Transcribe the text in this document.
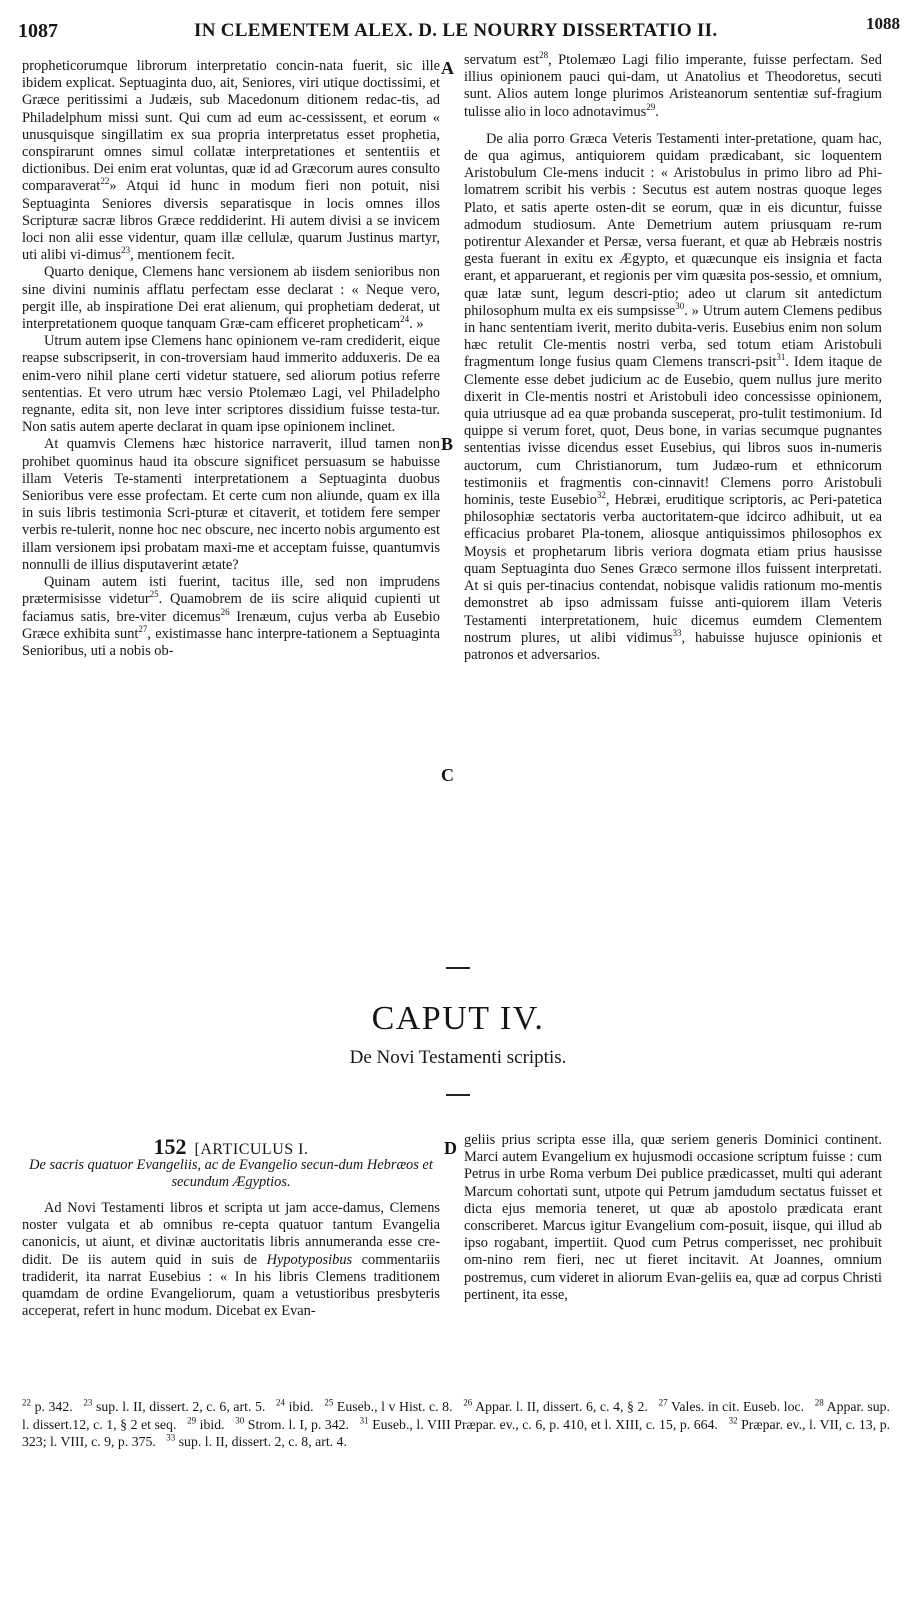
1087	IN CLEMENTEM ALEX. D. LE NOURRY DISSERTATIO II.	1088
A
B
C
D

propheticorumque librorum interpretatio concin-nata fuerit, sic ille ibidem explicat. Septuaginta duo, ait, Seniores, viri utique doctissimi, et Græce peritissimi a Judæis, sub Macedonum ditionem redac-tis, ad Philadelphum missi sunt. Qui cum ad eum ac-cessissent, et eorum « unusquisque singillatim ex sua propria interpretatus esset prophetia, conspirarunt omnes simul collatæ interpretationes et sententiis et dictionibus. Dei enim erat voluntas, quæ id ad Græcorum aures consulto comparaverat$^{22}$» Atqui id hunc in modum fieri non potuit, nisi Septuaginta Seniores diversis separatisque in locis omnes illos Scripturæ sacræ libros Græce reddiderint. Hi autem divisi a se invicem loci non alii esse videntur, quam illæ cellulæ, quarum Justinus martyr, uti alibi vi-dimus$^{23}$, mentionem fecit.

Quarto denique, Clemens hanc versionem ab iisdem senioribus non sine divini numinis afflatu perfectam esse declarat : « Neque vero, pergit ille, ab inspiratione Dei erat alienum, qui prophetiam dederat, ut interpretationem quoque tanquam Græ-cam efficeret propheticam$^{24}$. »

Utrum autem ipse Clemens hanc opinionem ve-ram crediderit, eique reapse subscripserit, in con-troversiam haud immerito adduxeris. De ea enim-vero nihil plane certi videtur statuere, sed aliorum potius referre sententias. Et vero utrum hæc versio Ptolemæo Lagi, vel Philadelpho regnante, edita sit, non leve inter scriptores dissidium fuisse testa-tur. Non satis autem aperte declarat in quam ipse opinionem inclinet.

At quamvis Clemens hæc historice narraverit, illud tamen non prohibet quominus haud ita obscure significet persuasum se habuisse illam Veteris Te-stamenti interpretationem a Septuaginta duobus Senioribus vere esse profectam. Et certe cum non aliunde, quam ex illa in suis libris testimonia Scri-pturæ et citaverit, et totidem fere semper verbis re-tulerit, nonne hoc nec obscure, nec incerto nobis argumento est illam versionem ipsi probatam maxi-me et acceptam fuisse, quantumvis nonnulli de illius disputaverint ætate?

Quinam autem isti fuerint, tacitus ille, sed non imprudens prætermisisse videtur$^{25}$. Quamobrem de iis scire aliquid cupienti ut faciamus satis, bre-viter dicemus$^{26}$ Irenæum, cujus verba ab Eusebio Græce exhibita sunt$^{27}$, existimasse hanc interpre-tationem a Septuaginta Senioribus, uti a nobis ob-

servatum est$^{28}$, Ptolemæo Lagi filio imperante, fuisse perfectam. Sed illius opinionem pauci qui-dam, ut Anatolius et Theodoretus, secuti sunt. Alios autem longe plurimos Aristeanorum sententiæ suf-fragium tulisse alio in loco adnotavimus$^{29}$.

De alia porro Græca Veteris Testamenti inter-pretatione, quam hac, de qua agimus, antiquiorem quidam prædicabant, sic loquentem Aristobulum Cle-mens inducit : « Aristobulus in primo libro ad Phi-lomatrem scribit his verbis : Secutus est autem nostras quoque leges Plato, et satis aperte osten-dit se eorum, quæ in eis dicuntur, fuisse admodum studiosum. Ante Demetrium autem priusquam re-rum potirentur Alexander et Persæ, versa fuerant, et quæ ab Hebræis nostris gesta fuerant in exitu ex Ægypto, et quæcunque eis insignia et facta erant, et apparuerant, et regionis per vim quæsita pos-sessio, et omnium, quæ latæ sunt, legum descri-ptio; adeo ut clarum sit antedictum philosophum multa ex eis sumpsisse$^{30}$. » Utrum autem Clemens pedibus in hanc sententiam iverit, merito dubita-veris. Eusebius enim non solum hæc retulit Cle-mentis nostri verba, sed totum etiam Aristobuli fragmentum longe fusius quam Clemens transcri-psit$^{31}$. Idem itaque de Clemente esse debet judicium ac de Eusebio, quem nullus jure merito dixerit in Cle-mentis nostri et Aristobuli ideo concessisse opinionem, quia utriusque ad ea quæ probanda susceperat, pro-tulit testimonium. Id quippe si verum foret, quot, Deus bone, in varias secumque pugnantes sententias ivisse dicendus esset Eusebius, qui libros suos in-numeris auctorum, cum Christianorum, tum Judæo-rum et ethnicorum testimoniis et fragmentis con-cinnavit! Clemens porro Aristobuli hominis, teste Eusebio$^{32}$, Hebræi, eruditique scriptoris, ac Peri-patetica philosophiæ sectatoris verba auctoritatem-que idcirco adhibuit, ut ea efficacius probaret Pla-tonem, aliosque antiquissimos philosophos ex Moysis et prophetarum libris veriora dogmata etiam prius hausisse quam Septuaginta duo Senes Græco sermone illos fuissent interpretati. At si quis per-tinacius contendat, nobisque validis rationum mo-mentis demonstret ab ipso admissam fuisse anti-quiorem illam Veteris Testamenti interpretationem, huic dicemus eumdem Clementem nostrum plures, ut alibi vidimus$^{33}$, habuisse hujusce opinionis et patronos et adversarios.

CAPUT IV.
De Novi Testamenti scriptis.
152 [ARTICULUS I.
De sacris quatuor Evangeliis, ac de Evangelio secun-dum Hebræos et secundum Ægyptios.

Ad Novi Testamenti libros et scripta ut jam acce-damus, Clemens noster vulgata et ab omnibus re-cepta quatuor tantum Evangelia canonicis, ut aiunt, et divinæ auctoritatis libris annumeranda esse cre-didit. De iis autem quid in suis de Hypotyposibus commentariis tradiderit, ita narrat Eusebius : « In his libris Clemens traditionem quamdam de ordine Evangeliorum, quam a vetustioribus presbyteris acceperat, refert in hunc modum. Dicebat ex Evan-

geliis prius scripta esse illa, quæ seriem generis Dominici continent. Marci autem Evangelium ex hujusmodi occasione scriptum fuisse : cum Petrus in urbe Roma verbum Dei publice prædicasset, multi qui aderant Marcum cohortati sunt, utpote qui Petrum jamdudum sectatus fuisset et dicta ejus memoria teneret, ut quæ ab apostolo prædicata erant conscriberet. Marcus igitur Evangelium com-posuit, iisque, qui illud ab ipso rogabant, impertiit. Quod cum Petrus comperisset, nec prohibuit om-nino rem fieri, nec ut fieret incitavit. At Joannes, omnium postremus, cum videret in aliorum Evan-geliis ea, quæ ad corpus Christi pertinent, ita esse,

$^{22}$ p. 342. $^{23}$ sup. l. II, dissert. 2, c. 6, art. 5. $^{24}$ ibid. $^{25}$ Euseb., l v Hist. c. 8. $^{26}$ Appar. l. II, dissert. 6, c. 4, § 2. $^{27}$ Vales. in cit. Euseb. loc. $^{28}$ Appar. sup. l. dissert.12, c. 1, § 2 et seq. $^{29}$ ibid. $^{30}$ Strom. l. I, p. 342. $^{31}$ Euseb., l. VIII Præpar. ev., c. 6, p. 410, et l. XIII, c. 15, p. 664. $^{32}$ Præpar. ev., l. VII, c. 13, p. 323; l. VIII, c. 9, p. 375. $^{33}$ sup. l. II, dissert. 2, c. 8, art. 4.
